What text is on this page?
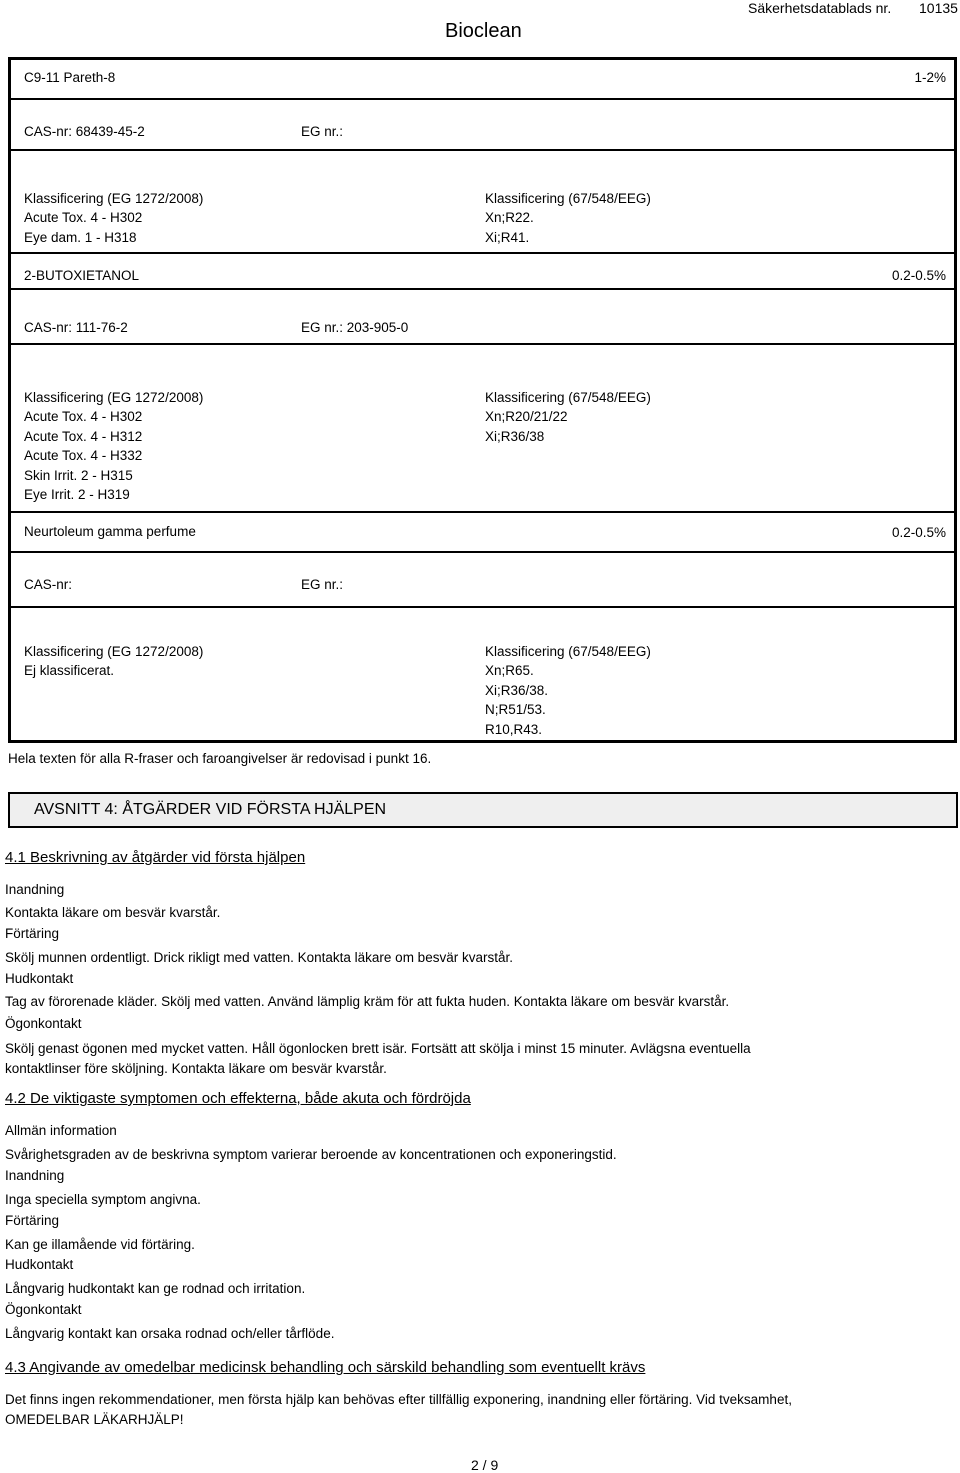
Bioclean
Säkerhetsdatablads nr. 10135
C9-11 Pareth-8	1-2%
CAS-nr: 68439-45-2	EG nr.:
Klassificering (EG 1272/2008)
Acute Tox. 4 - H302
Eye dam. 1 - H318
Klassificering (67/548/EEG)
Xn;R22.
Xi;R41.
2-BUTOXIETANOL	0.2-0.5%
CAS-nr: 111-76-2	EG nr.: 203-905-0
Klassificering (EG 1272/2008)
Acute Tox. 4 - H302
Acute Tox. 4 - H312
Acute Tox. 4 - H332
Skin Irrit. 2 - H315
Eye Irrit. 2 - H319
Klassificering (67/548/EEG)
Xn;R20/21/22
Xi;R36/38
Neurtoleum gamma perfume	0.2-0.5%
CAS-nr:	EG nr.:
Klassificering (EG 1272/2008)
Ej klassificerat.
Klassificering (67/548/EEG)
Xn;R65.
Xi;R36/38.
N;R51/53.
R10,R43.
Hela texten för alla R-fraser och faroangivelser är redovisad i punkt 16.
AVSNITT 4: ÅTGÄRDER VID FÖRSTA HJÄLPEN
4.1 Beskrivning av åtgärder vid första hjälpen
Inandning
Kontakta läkare om besvär kvarstår.
Förtäring
Skölj munnen ordentligt. Drick rikligt med vatten. Kontakta läkare om besvär kvarstår.
Hudkontakt
Tag av förorenade kläder. Skölj med vatten. Använd lämplig kräm för att fukta huden. Kontakta läkare om besvär kvarstår.
Ögonkontakt
Skölj genast ögonen med mycket vatten. Håll ögonlocken brett isär. Fortsätt att skölja i minst 15 minuter. Avlägsna eventuella
kontaktlinser före sköljning. Kontakta läkare om besvär kvarstår.
4.2 De viktigaste symptomen och effekterna, både akuta och fördröjda
Allmän information
Svårighetsgraden av de beskrivna symptom varierar beroende av koncentrationen och exponeringstid.
Inandning
Inga speciella symptom angivna.
Förtäring
Kan ge illamående vid förtäring.
Hudkontakt
Långvarig hudkontakt kan ge rodnad och irritation.
Ögonkontakt
Långvarig kontakt kan orsaka rodnad och/eller tårflöde.
4.3 Angivande av omedelbar medicinsk behandling och särskild behandling som eventuellt krävs
Det finns ingen rekommendationer, men första hjälp kan behövas efter tillfällig exponering, inandning eller förtäring. Vid tveksamhet,
OMEDELBAR LÄKARHJÄLP!
2 / 9
